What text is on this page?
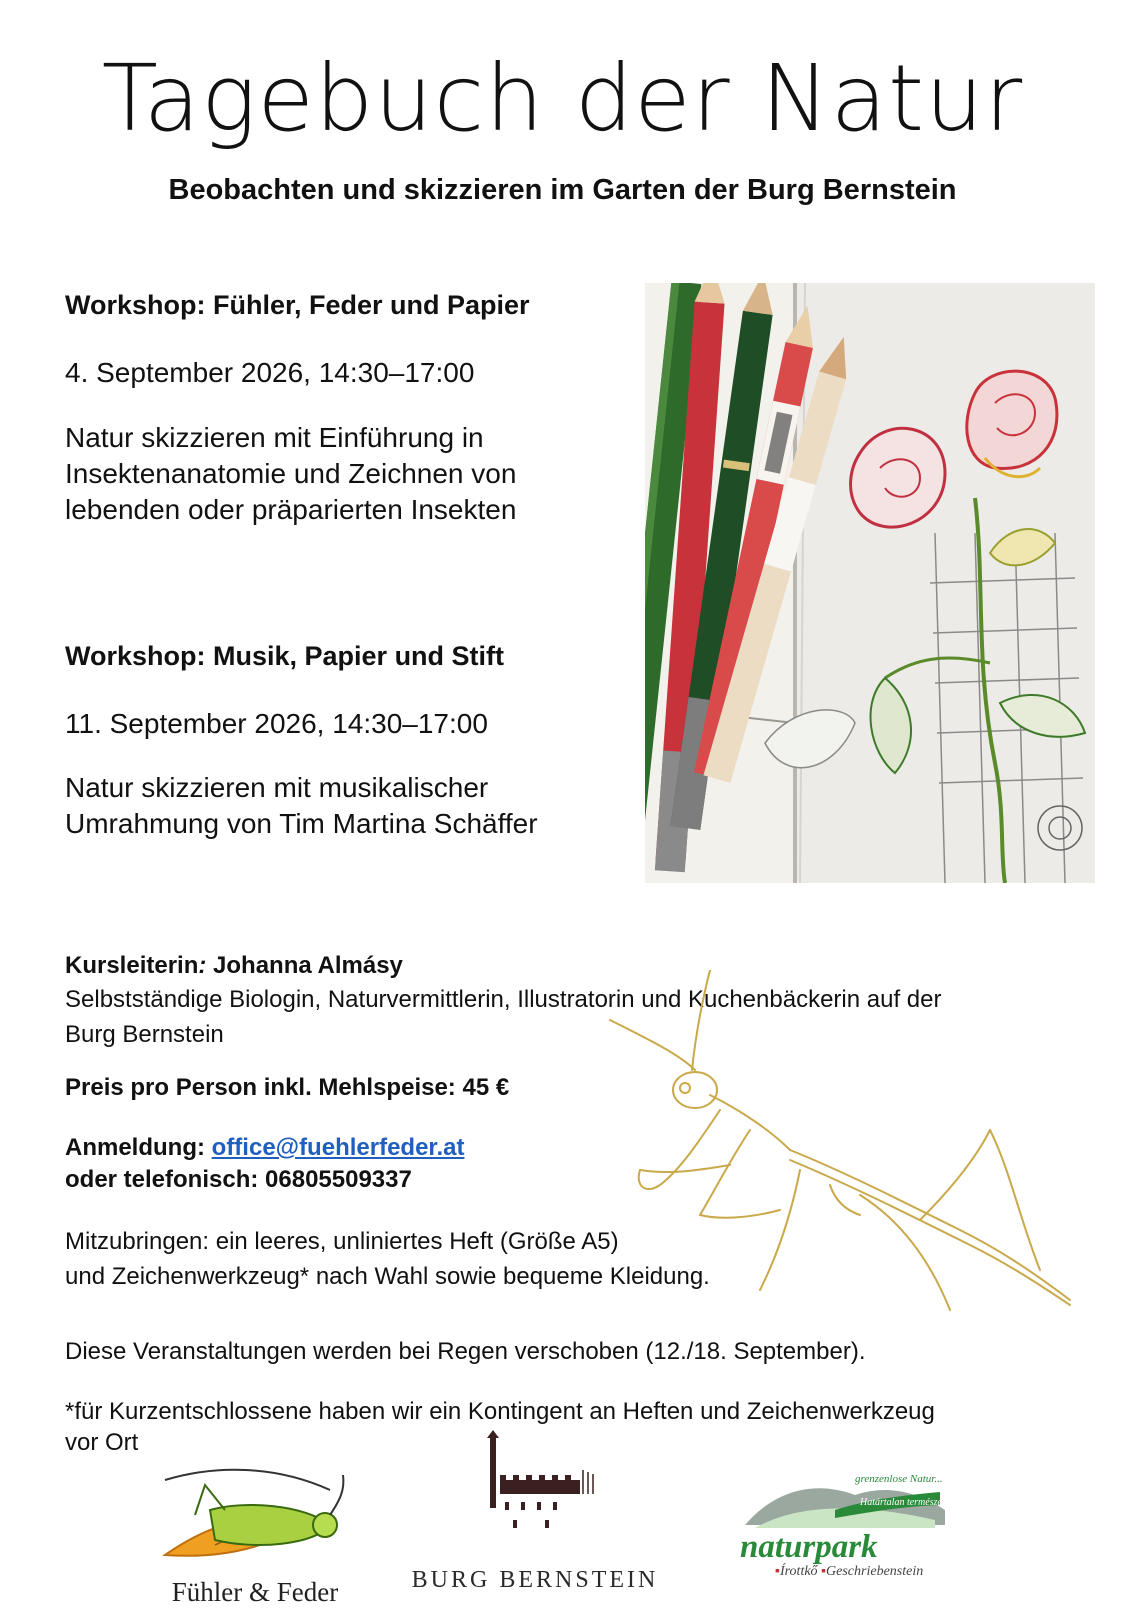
Tagebuch der Natur
Beobachten und skizzieren im Garten der Burg Bernstein
Workshop: Fühler, Feder und Papier
4. September 2026, 14:30–17:00
Natur skizzieren mit Einführung in
Insektenanatomie und Zeichnen von
lebenden oder präparierten Insekten
Workshop: Musik, Papier und Stift
11. September 2026, 14:30–17:00
Natur skizzieren mit musikalischer
Umrahmung von Tim Martina Schäffer
Kursleiterin: Johanna Almásy
Selbstständige Biologin, Naturvermittlerin, Illustratorin und Kuchenbäckerin auf der
Burg Bernstein
Preis pro Person inkl. Mehlspeise: 45 €
Anmeldung: office@fuehlerfeder.at
oder telefonisch: 06805509337
Mitzubringen: ein leeres, unliniertes Heft (Größe A5)
und Zeichenwerkzeug* nach Wahl sowie bequeme Kleidung.
Diese Veranstaltungen werden bei Regen verschoben (12./18. September).
*für Kurzentschlossene haben wir ein Kontingent an Heften und Zeichenwerkzeug
vor Ort
Fühler & Feder	BURG BERNSTEIN
grenzenlose Natur...
Határtalan természet...
naturpark
▪Írottkő ▪Geschriebenstein
